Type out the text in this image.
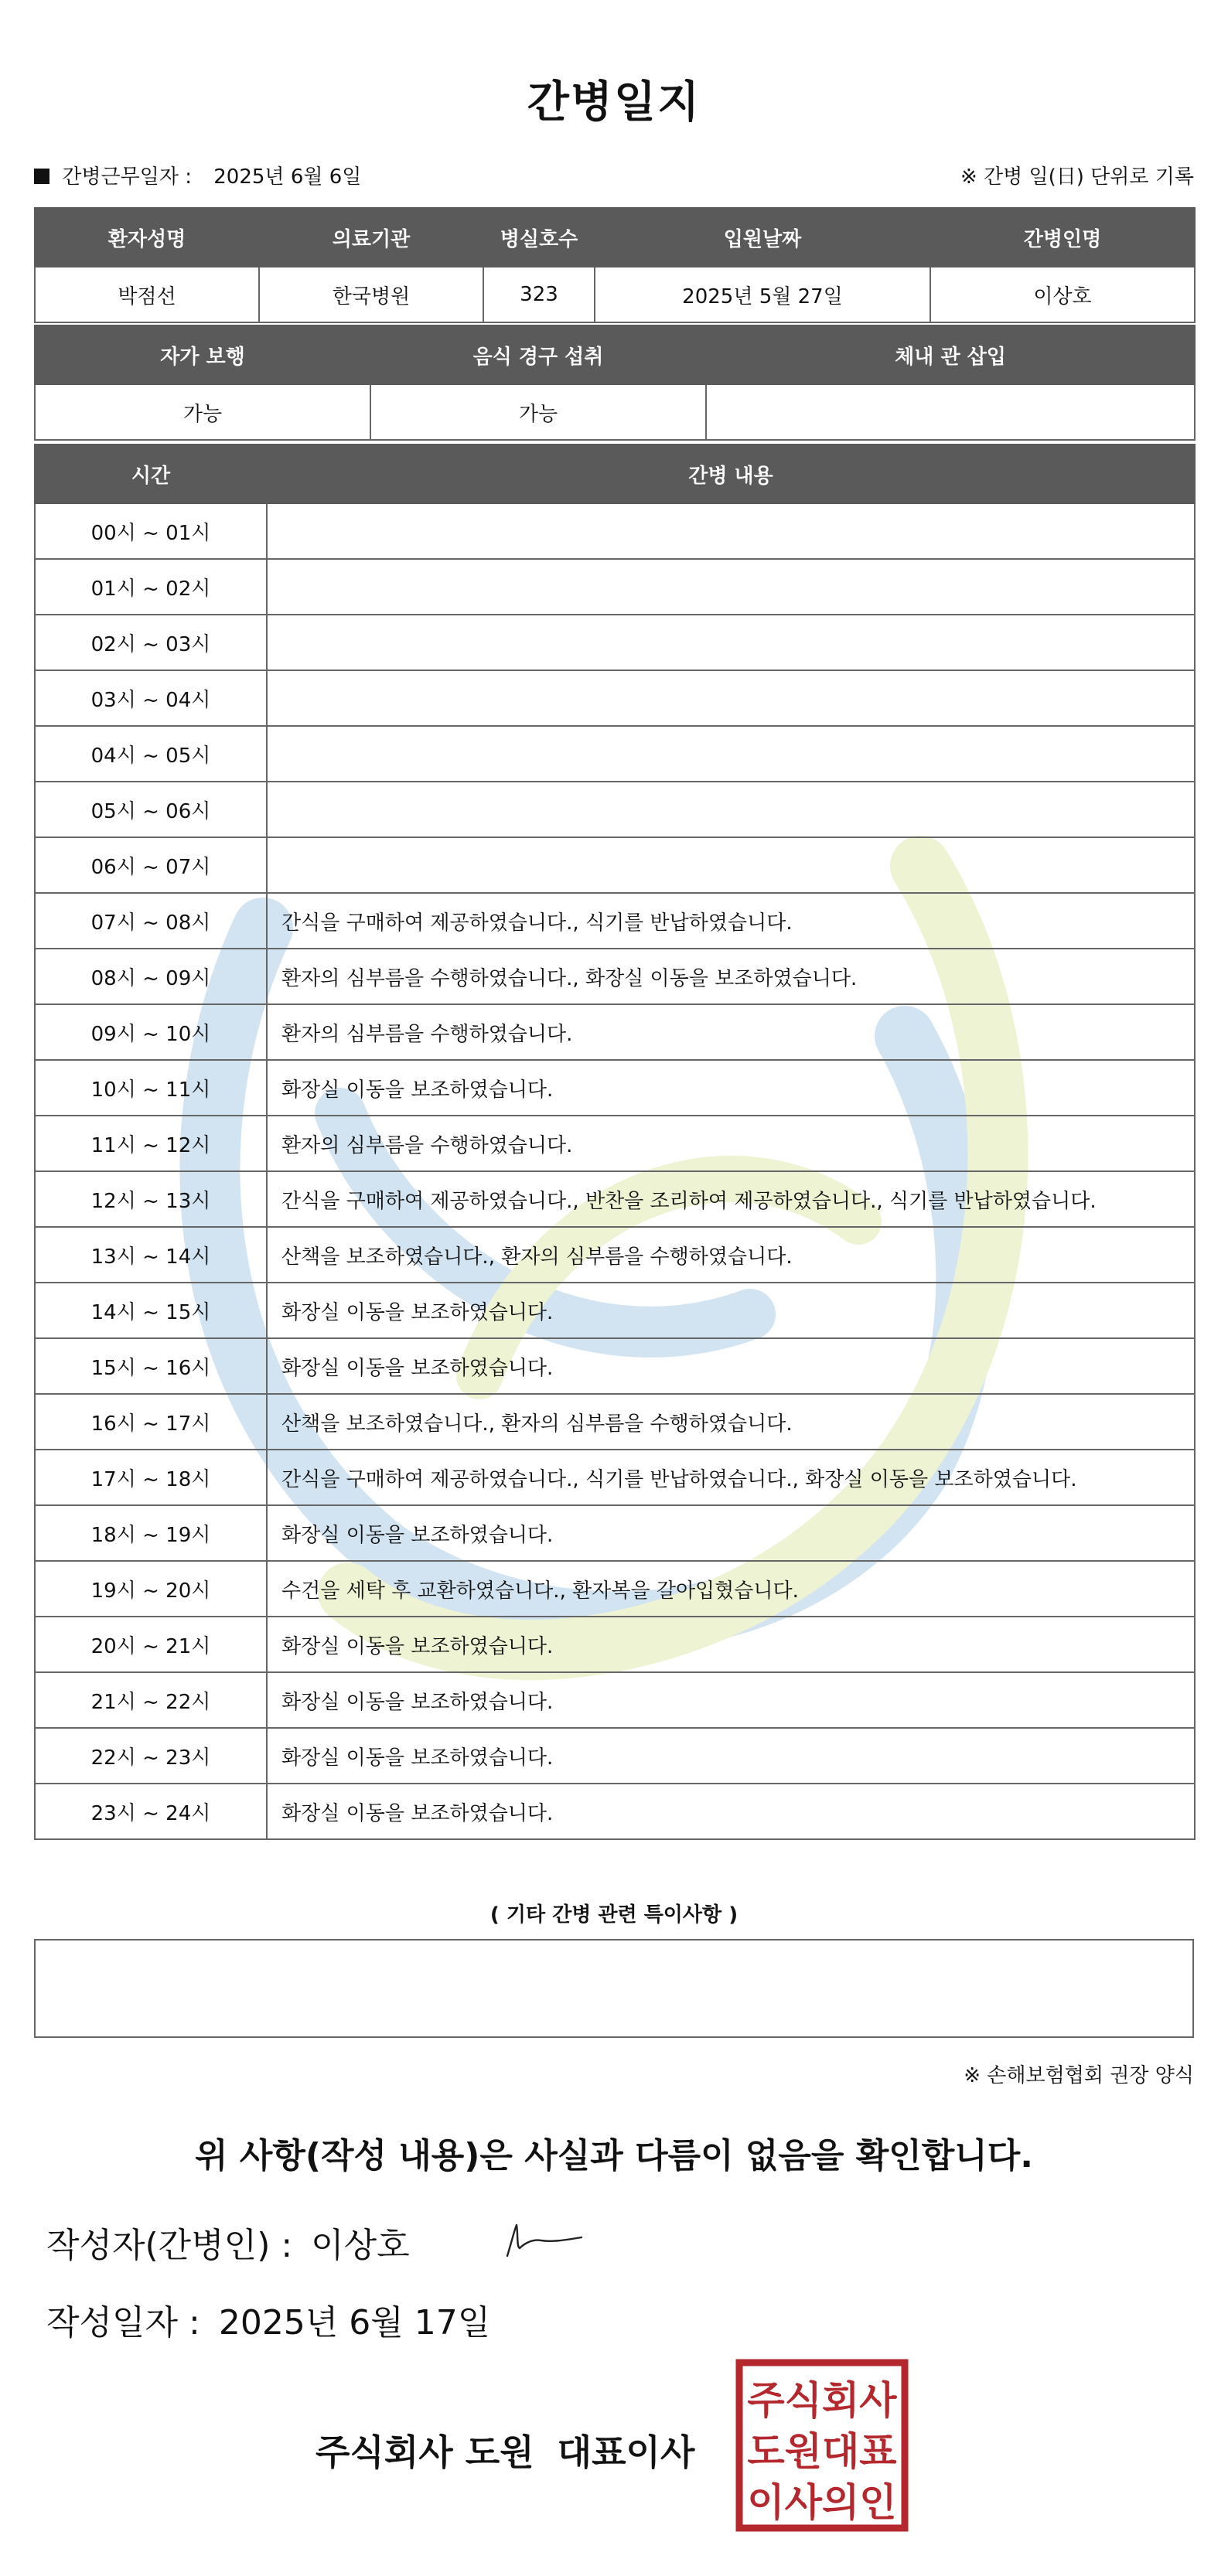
간병일지
간병근무일자 : 2025년 6월 6일	※ 간병 일(日) 단위로 기록
환자성명	의료기관	병실호수	입원날짜	간병인명
박점선	한국병원	323	2025년 5월 27일	이상호
자가 보행	음식 경구 섭취	체내 관 삽입
가능	가능	
시간	간병 내용
00시 ~ 01시	
01시 ~ 02시	
02시 ~ 03시	
03시 ~ 04시	
04시 ~ 05시	
05시 ~ 06시	
06시 ~ 07시	
07시 ~ 08시	간식을 구매하여 제공하였습니다., 식기를 반납하였습니다.
08시 ~ 09시	환자의 심부름을 수행하였습니다., 화장실 이동을 보조하였습니다.
09시 ~ 10시	환자의 심부름을 수행하였습니다.
10시 ~ 11시	화장실 이동을 보조하였습니다.
11시 ~ 12시	환자의 심부름을 수행하였습니다.
12시 ~ 13시	간식을 구매하여 제공하였습니다., 반찬을 조리하여 제공하였습니다., 식기를 반납하였습니다.
13시 ~ 14시	산책을 보조하였습니다., 환자의 심부름을 수행하였습니다.
14시 ~ 15시	화장실 이동을 보조하였습니다.
15시 ~ 16시	화장실 이동을 보조하였습니다.
16시 ~ 17시	산책을 보조하였습니다., 환자의 심부름을 수행하였습니다.
17시 ~ 18시	간식을 구매하여 제공하였습니다., 식기를 반납하였습니다., 화장실 이동을 보조하였습니다.
18시 ~ 19시	화장실 이동을 보조하였습니다.
19시 ~ 20시	수건을 세탁 후 교환하였습니다., 환자복을 갈아입혔습니다.
20시 ~ 21시	화장실 이동을 보조하였습니다.
21시 ~ 22시	화장실 이동을 보조하였습니다.
22시 ~ 23시	화장실 이동을 보조하였습니다.
23시 ~ 24시	화장실 이동을 보조하였습니다.
( 기타 간병 관련 특이사항 )
※ 손해보험협회 권장 양식
위 사항(작성 내용)은 사실과 다름이 없음을 확인합니다.
작성자(간병인) : 이상호
작성일자 : 2025년 6월 17일
주식회사 도원 대표이사
주식회사
도원대표
이사의인
